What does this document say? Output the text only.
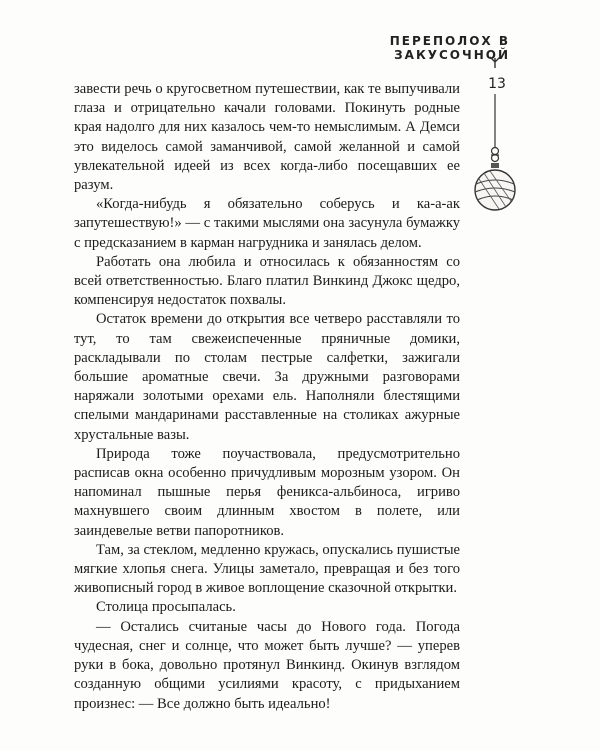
ПЕРЕПОЛОХ В ЗАКУСОЧНОЙ
13

завести речь о кругосветном путешествии, как те выпучивали глаза и отрицательно качали головами. Покинуть родные края надолго для них казалось чем-то немыслимым. А Демси это виделось самой заманчивой, самой желанной и самой увлекательной идеей из всех когда-либо посещавших ее разум.

«Когда-нибудь я обязательно соберусь и ка-а-ак запутешествую!» — с такими мыслями она засунула бумажку с предсказанием в карман нагрудника и занялась делом.

Работать она любила и относилась к обязанностям со всей ответственностью. Благо платил Винкинд Джокс щедро, компенсируя недостаток похвалы.

Остаток времени до открытия все четверо расставляли то тут, то там свежеиспеченные пряничные домики, раскладывали по столам пестрые салфетки, зажигали большие ароматные свечи. За дружными разговорами наряжали золотыми орехами ель. Наполняли блестящими спелыми мандаринами расставленные на столиках ажурные хрустальные вазы.

Природа тоже поучаствовала, предусмотрительно расписав окна особенно причудливым морозным узором. Он напоминал пышные перья феникса-альбиноса, игриво махнувшего своим длинным хвостом в полете, или заиндевелые ветви папоротников.

Там, за стеклом, медленно кружась, опускались пушистые мягкие хлопья снега. Улицы заметало, превращая и без того живописный город в живое воплощение сказочной открытки.

Столица просыпалась.

— Остались считаные часы до Нового года. Погода чудесная, снег и солнце, что может быть лучше? — уперев руки в бока, довольно протянул Винкинд. Окинув взглядом созданную общими усилиями красоту, с придыханием произнес: — Все должно быть идеально!
